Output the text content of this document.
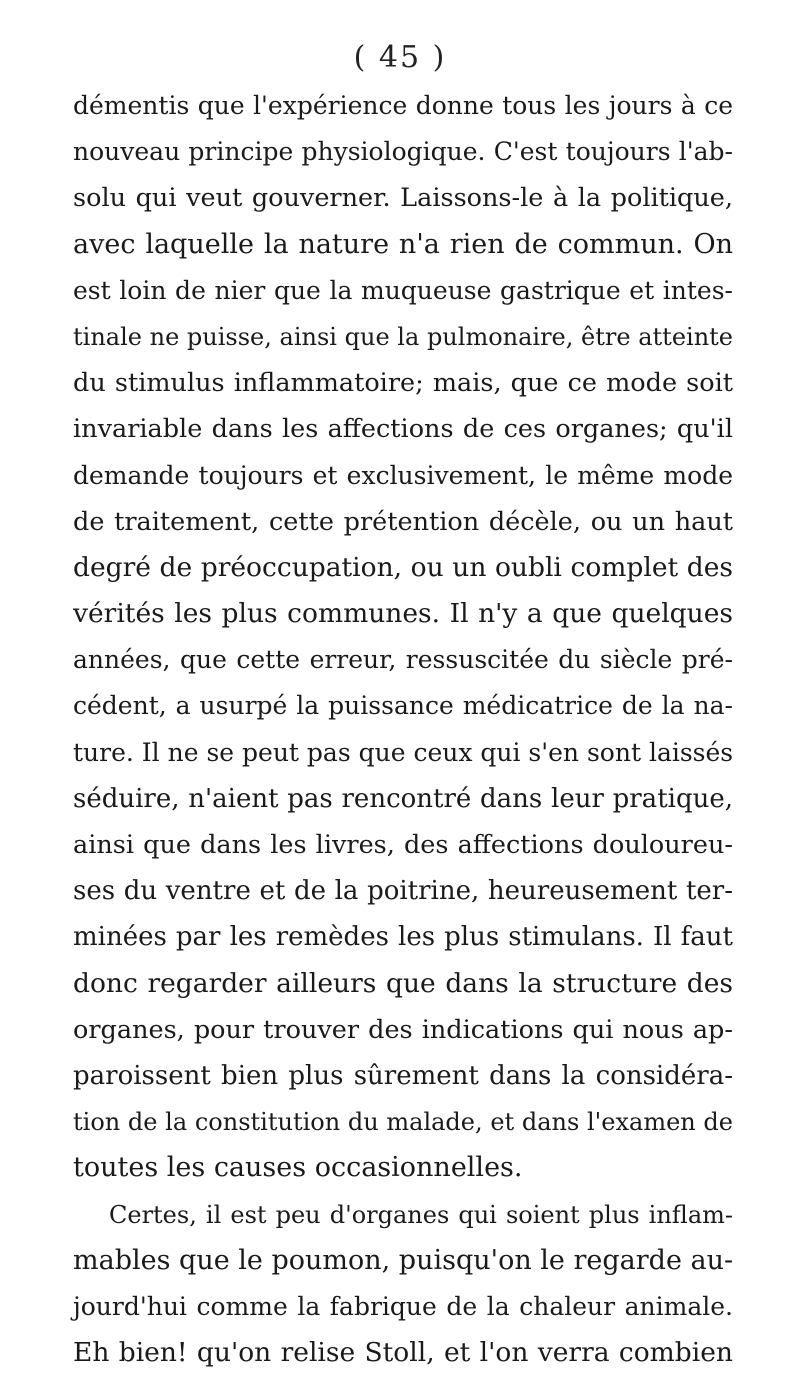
( 45 )
démentis que l'expérience donne tous les jours à ce
nouveau principe physiologique. C'est toujours l'ab-
solu qui veut gouverner. Laissons-le à la politique,
avec laquelle la nature n'a rien de commun. On
est loin de nier que la muqueuse gastrique et intes-
tinale ne puisse, ainsi que la pulmonaire, être atteinte
du stimulus inflammatoire; mais, que ce mode soit
invariable dans les affections de ces organes; qu'il
demande toujours et exclusivement, le même mode
de traitement, cette prétention décèle, ou un haut
degré de préoccupation, ou un oubli complet des
vérités les plus communes. Il n'y a que quelques
années, que cette erreur, ressuscitée du siècle pré-
cédent, a usurpé la puissance médicatrice de la na-
ture. Il ne se peut pas que ceux qui s'en sont laissés
séduire, n'aient pas rencontré dans leur pratique,
ainsi que dans les livres, des affections douloureu-
ses du ventre et de la poitrine, heureusement ter-
minées par les remèdes les plus stimulans. Il faut
donc regarder ailleurs que dans la structure des
organes, pour trouver des indications qui nous ap-
paroissent bien plus sûrement dans la considéra-
tion de la constitution du malade, et dans l'examen de
toutes les causes occasionnelles.
Certes, il est peu d'organes qui soient plus inflam-
mables que le poumon, puisqu'on le regarde au-
jourd'hui comme la fabrique de la chaleur animale.
Eh bien! qu'on relise Stoll, et l'on verra combien
